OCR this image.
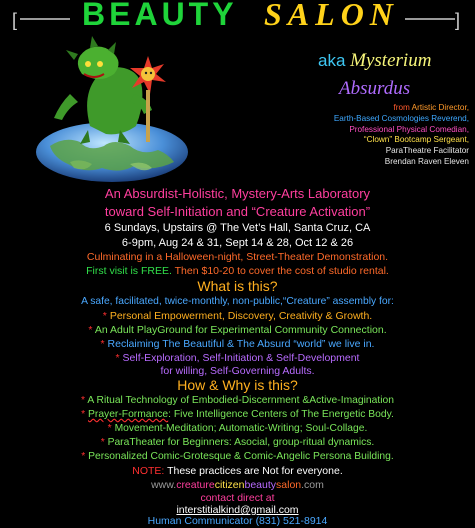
[ BEAUTY SALON	]
aka Mysterium
Absurdus
from Artistic Director,
Earth-Based Cosmologies Reverend,
Professional Physical Comedian,
“Clown” Bootcamp Sergeant,
ParaTheatre Facilitator
Brendan Raven Eleven
An Absurdist-Holistic, Mystery-Arts Laboratory
toward Self-Initiation and “Creature Activation”
6 Sundays, Upstairs @ The Vet’s Hall, Santa Cruz, CA
6-9pm, Aug 24 & 31, Sept 14 & 28, Oct 12 & 26
Culminating in a Halloween-night, Street-Theater Demonstration.
First visit is FREE. Then $10-20 to cover the cost of studio rental.
What is this?
A safe, facilitated, twice-monthly, non-public,“Creature” assembly for:
* Personal Empowerment, Discovery, Creativity & Growth.
* An Adult PlayGround for Experimental Community Connection.
* Reclaiming The Beautiful & The Absurd “world” we live in.
* Self-Exploration, Self-Initiation & Self-Development
for willing, Self-Governing Adults.
How & Why is this?
* A Ritual Technology of Embodied-Discernment &Active-Imagination
* Prayer-Formance: Five Intelligence Centers of The Energetic Body.
* Movement-Meditation; Automatic-Writing; Soul-Collage.
* ParaTheater for Beginners: Asocial, group-ritual dynamics.
* Personalized Comic-Grotesque & Comic-Angelic Persona Building.
NOTE: These practices are Not for everyone.
www.creaturecitizenbeautysalon.com
contact direct at
interstitialkind@gmail.com
Human Communicator (831) 521-8914
